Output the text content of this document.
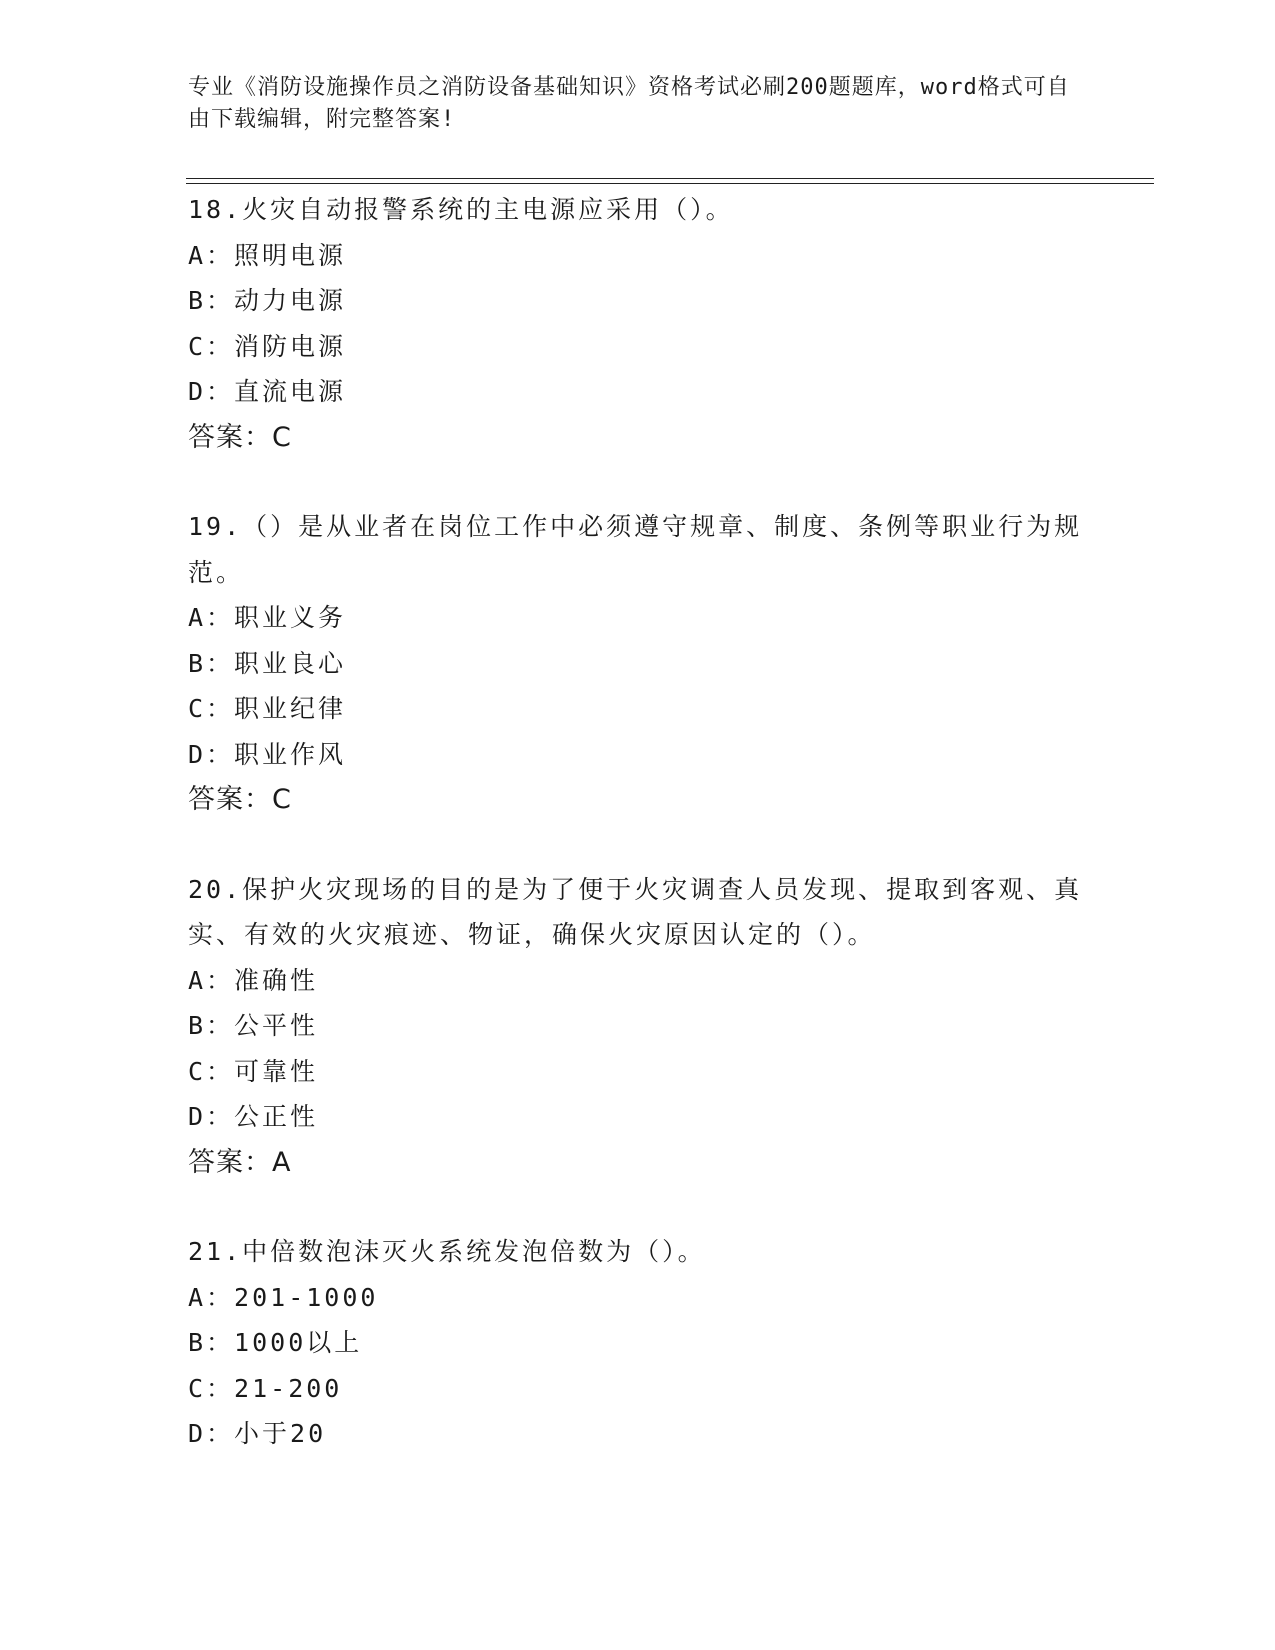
专业《消防设施操作员之消防设备基础知识》资格考试必刷200题题库，word格式可自由下载编辑，附完整答案!
18.火灾自动报警系统的主电源应采用（）。
A：照明电源
B：动力电源
C：消防电源
D：直流电源
答案：C
19.（）是从业者在岗位工作中必须遵守规章、制度、条例等职业行为规范。
A：职业义务
B：职业良心
C：职业纪律
D：职业作风
答案：C
20.保护火灾现场的目的是为了便于火灾调查人员发现、提取到客观、真实、有效的火灾痕迹、物证，确保火灾原因认定的（）。
A：准确性
B：公平性
C：可靠性
D：公正性
答案：A
21.中倍数泡沫灭火系统发泡倍数为（）。
A：201-1000
B：1000以上
C：21-200
D：小于20
